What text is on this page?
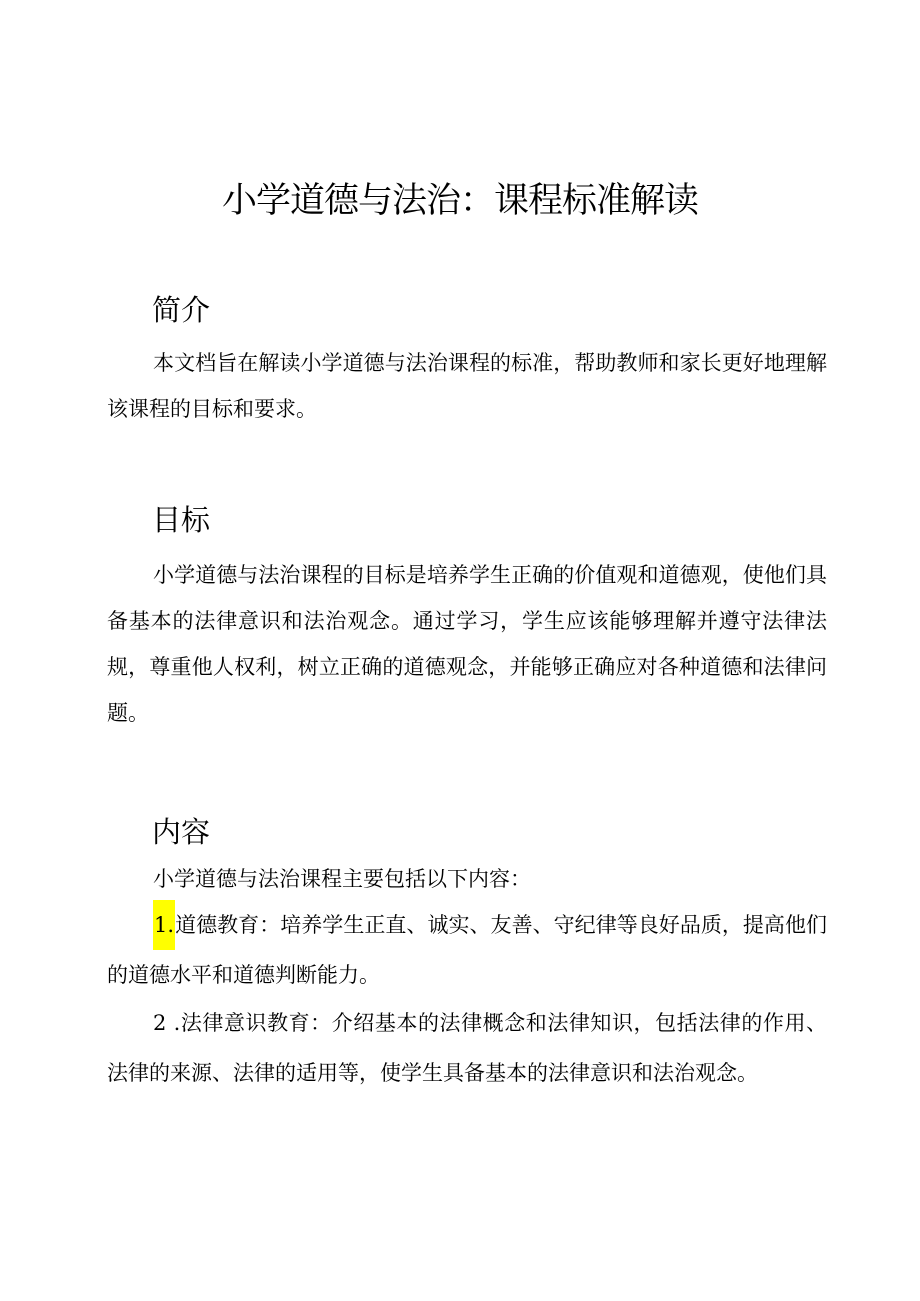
小学道德与法治：课程标准解读
简介

本文档旨在解读小学道德与法治课程的标准，帮助教师和家长更好地理解该课程的目标和要求。

目标

小学道德与法治课程的目标是培养学生正确的价值观和道德观，使他们具备基本的法律意识和法治观念。通过学习，学生应该能够理解并遵守法律法规，尊重他人权利，树立正确的道德观念，并能够正确应对各种道德和法律问题。

内容
小学道德与法治课程主要包括以下内容：

1.道德教育：培养学生正直、诚实、友善、守纪律等良好品质，提高他们的道德水平和道德判断能力。

2 .法律意识教育：介绍基本的法律概念和法律知识，包括法律的作用、法律的来源、法律的适用等，使学生具备基本的法律意识和法治观念。
